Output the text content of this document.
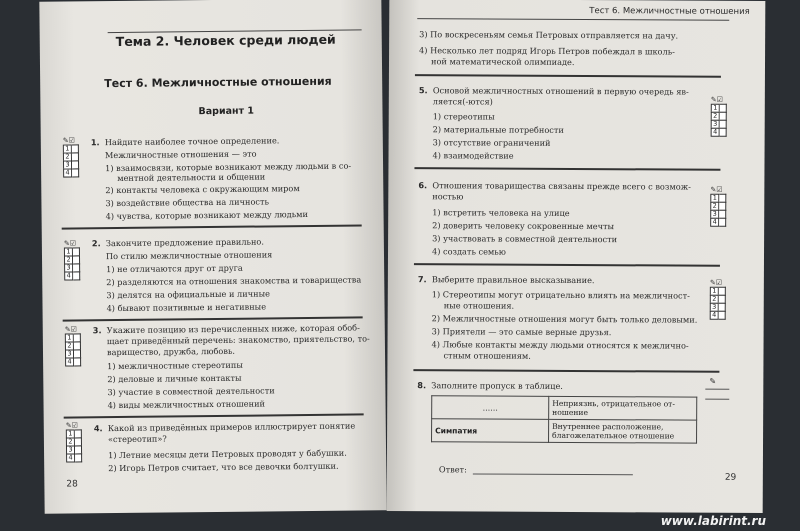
Тема 2. Человек среди людей
Тест 6. Межличностные отношения
Вариант 1
✎☑
1
2
3
4
1. Найдите наиболее точное определение.
Межличностные отношения — это
1) взаимосвязи, которые возникают между людьми в со-
ментной деятельности и общении
2) контакты человека с окружающим миром
3) воздействие общества на личность
4) чувства, которые возникают между людьми
✎☑
1
2
3
4
2. Закончите предложение правильно.
По стилю межличностные отношения
1) не отличаются друг от друга
2) разделяются на отношения знакомства и товарищества
3) делятся на официальные и личные
4) бывают позитивные и негативные
✎☑
1
2
3
4
3. Укажите позицию из перечисленных ниже, которая обоб-
щает приведённый перечень: знакомство, приятельство, то-
варищество, дружба, любовь.
1) межличностные стереотипы
2) деловые и личные контакты
3) участие в совместной деятельности
4) виды межличностных отношений
✎☑
1
2
3
4
4. Какой из приведённых примеров иллюстрирует понятие
«стереотип»?
1) Летние месяцы дети Петровых проводят у бабушки.
2) Игорь Петров считает, что все девочки болтушки.
28
Тест 6. Межличностные отношения
3) По воскресеньям семья Петровых отправляется на дачу.
4) Несколько лет подряд Игорь Петров побеждал в школь-
ной математической олимпиаде.
5. Основой межличностных отношений в первую очередь яв-
ляется(-ются)
1) стереотипы
2) материальные потребности
3) отсутствие ограничений
4) взаимодействие
✎☑
1
2
3
4
6. Отношения товарищества связаны прежде всего с возмож-
ностью
1) встретить человека на улице
2) доверить человеку сокровенные мечты
3) участвовать в совместной деятельности
4) создать семью
✎☑
1
2
3
4
7. Выберите правильное высказывание.
1) Стереотипы могут отрицательно влиять на межличност-
ные отношения.
2) Межличностные отношения могут быть только деловыми.
3) Приятели — это самые верные друзья.
4) Любые контакты между людьми относятся к межлично-
стным отношениям.
✎☑
1
2
3
4
8. Заполните пропуск в таблице.
……	Неприязнь, отрицательное от-
ношение

Симпатия	Внутреннее расположение,
благожелательное отношение
Ответ:
✎
29
www.labirint.ru
